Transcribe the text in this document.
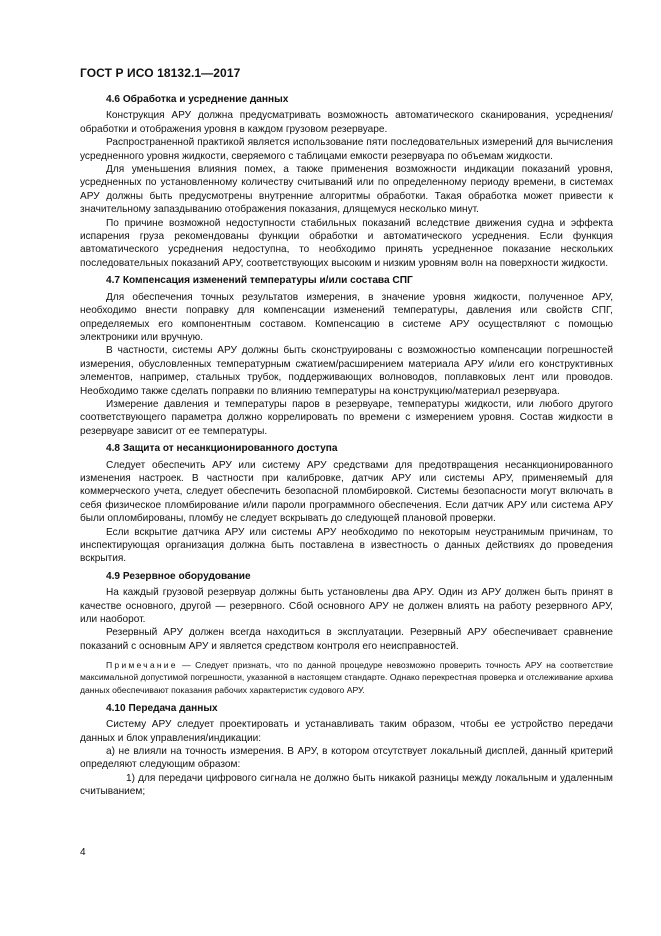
ГОСТ Р ИСО 18132.1—2017
4.6 Обработка и усреднение данных

Конструкция АРУ должна предусматривать возможность автоматического сканирования, усреднения/обработки и отображения уровня в каждом грузовом резервуаре.

Распространенной практикой является использование пяти последовательных измерений для вычисления усредненного уровня жидкости, сверяемого с таблицами емкости резервуара по объемам жидкости.

Для уменьшения влияния помех, а также применения возможности индикации показаний уровня, усредненных по установленному количеству считываний или по определенному периоду времени, в системах АРУ должны быть предусмотрены внутренние алгоритмы обработки. Такая обработка может привести к значительному запаздыванию отображения показания, длящемуся несколько минут.

По причине возможной недоступности стабильных показаний вследствие движения судна и эффекта испарения груза рекомендованы функции обработки и автоматического усреднения. Если функция автоматического усреднения недоступна, то необходимо принять усредненное показание нескольких последовательных показаний АРУ, соответствующих высоким и низким уровням волн на поверхности жидкости.

4.7 Компенсация изменений температуры и/или состава СПГ

Для обеспечения точных результатов измерения, в значение уровня жидкости, полученное АРУ, необходимо внести поправку для компенсации изменений температуры, давления или свойств СПГ, определяемых его компонентным составом. Компенсацию в системе АРУ осуществляют с помощью электроники или вручную.

В частности, системы АРУ должны быть сконструированы с возможностью компенсации погрешностей измерения, обусловленных температурным сжатием/расширением материала АРУ и/или его конструктивных элементов, например, стальных трубок, поддерживающих волноводов, поплавковых лент или проводов. Необходимо также сделать поправки по влиянию температуры на конструкцию/материал резервуара.

Измерение давления и температуры паров в резервуаре, температуры жидкости, или любого другого соответствующего параметра должно коррелировать по времени с измерением уровня. Состав жидкости в резервуаре зависит от ее температуры.

4.8 Защита от несанкционированного доступа

Следует обеспечить АРУ или систему АРУ средствами для предотвращения несанкционированного изменения настроек. В частности при калибровке, датчик АРУ или системы АРУ, применяемый для коммерческого учета, следует обеспечить безопасной пломбировкой. Системы безопасности могут включать в себя физическое пломбирование и/или пароли программного обеспечения. Если датчик АРУ или система АРУ были опломбированы, пломбу не следует вскрывать до следующей плановой проверки.

Если вскрытие датчика АРУ или системы АРУ необходимо по некоторым неустранимым причинам, то инспектирующая организация должна быть поставлена в известность о данных действиях до проведения вскрытия.

4.9 Резервное оборудование

На каждый грузовой резервуар должны быть установлены два АРУ. Один из АРУ должен быть принят в качестве основного, другой — резервного. Сбой основного АРУ не должен влиять на работу резервного АРУ, или наоборот.

Резервный АРУ должен всегда находиться в эксплуатации. Резервный АРУ обеспечивает сравнение показаний с основным АРУ и является средством контроля его неисправностей.

Примечание — Следует признать, что по данной процедуре невозможно проверить точность АРУ на соответствие максимальной допустимой погрешности, указанной в настоящем стандарте. Однако перекрестная проверка и отслеживание архива данных обеспечивают показания рабочих характеристик судового АРУ.

4.10 Передача данных

Систему АРУ следует проектировать и устанавливать таким образом, чтобы ее устройство передачи данных и блок управления/индикации:

а) не влияли на точность измерения. В АРУ, в котором отсутствует локальный дисплей, данный критерий определяют следующим образом:

1) для передачи цифрового сигнала не должно быть никакой разницы между локальным и удаленным считыванием;

4
